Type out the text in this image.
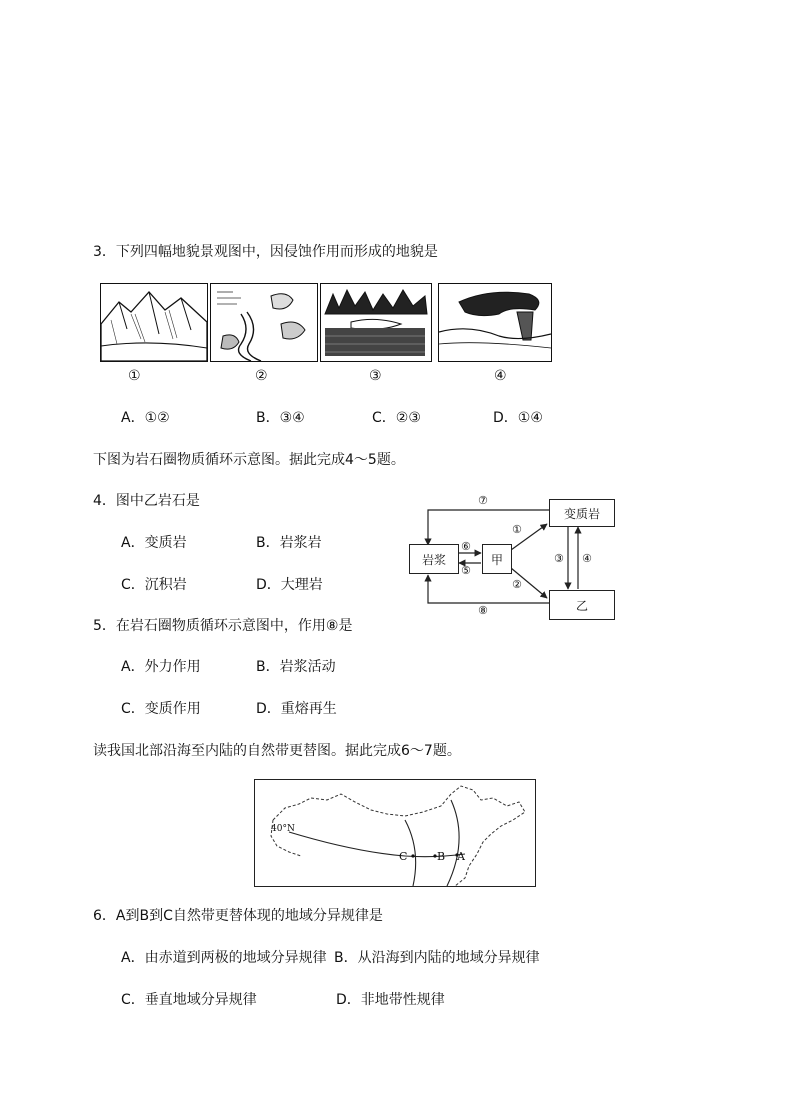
3．下列四幅地貌景观图中，因侵蚀作用而形成的地貌是
①	②	③	④
A．①②	B．③④	C．②③	D．①④
下图为岩石圈物质循环示意图。据此完成4～5题。
4．图中乙岩石是
A．变质岩	B．岩浆岩
C．沉积岩	D．大理岩
岩浆	甲
变质岩
乙
⑦
①
⑥
⑤
③ ④
②
⑧
5．在岩石圈物质循环示意图中，作用⑧是
A．外力作用	B．岩浆活动
C．变质作用	D．重熔再生
读我国北部沿海至内陆的自然带更替图。据此完成6～7题。
40°N
C	B A
6．A到B到C自然带更替体现的地域分异规律是
A．由赤道到两极的地域分异规律 B．从沿海到内陆的地域分异规律
C．垂直地域分异规律	D．非地带性规律
